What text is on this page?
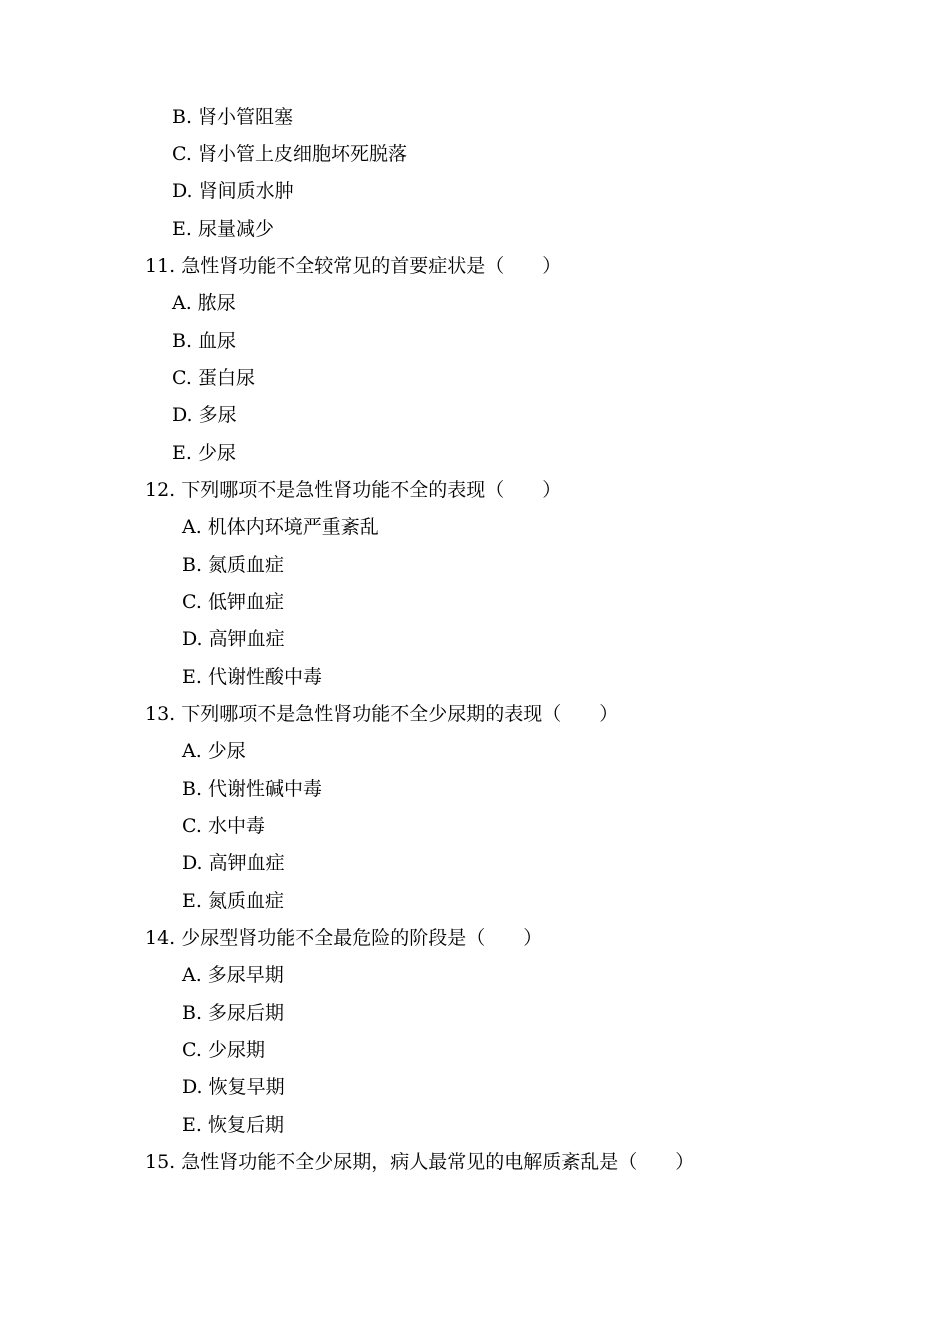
B. 肾小管阻塞
C. 肾小管上皮细胞坏死脱落
D. 肾间质水肿
E. 尿量减少
11. 急性肾功能不全较常见的首要症状是（　　）
A. 脓尿
B. 血尿
C. 蛋白尿
D. 多尿
E. 少尿
12. 下列哪项不是急性肾功能不全的表现（　　）
A. 机体内环境严重紊乱
B. 氮质血症
C. 低钾血症
D. 高钾血症
E. 代谢性酸中毒
13. 下列哪项不是急性肾功能不全少尿期的表现（　　）
A. 少尿
B. 代谢性碱中毒
C. 水中毒
D. 高钾血症
E. 氮质血症
14. 少尿型肾功能不全最危险的阶段是（　　）
A. 多尿早期
B. 多尿后期
C. 少尿期
D. 恢复早期
E. 恢复后期
15. 急性肾功能不全少尿期，病人最常见的电解质紊乱是（　　）
